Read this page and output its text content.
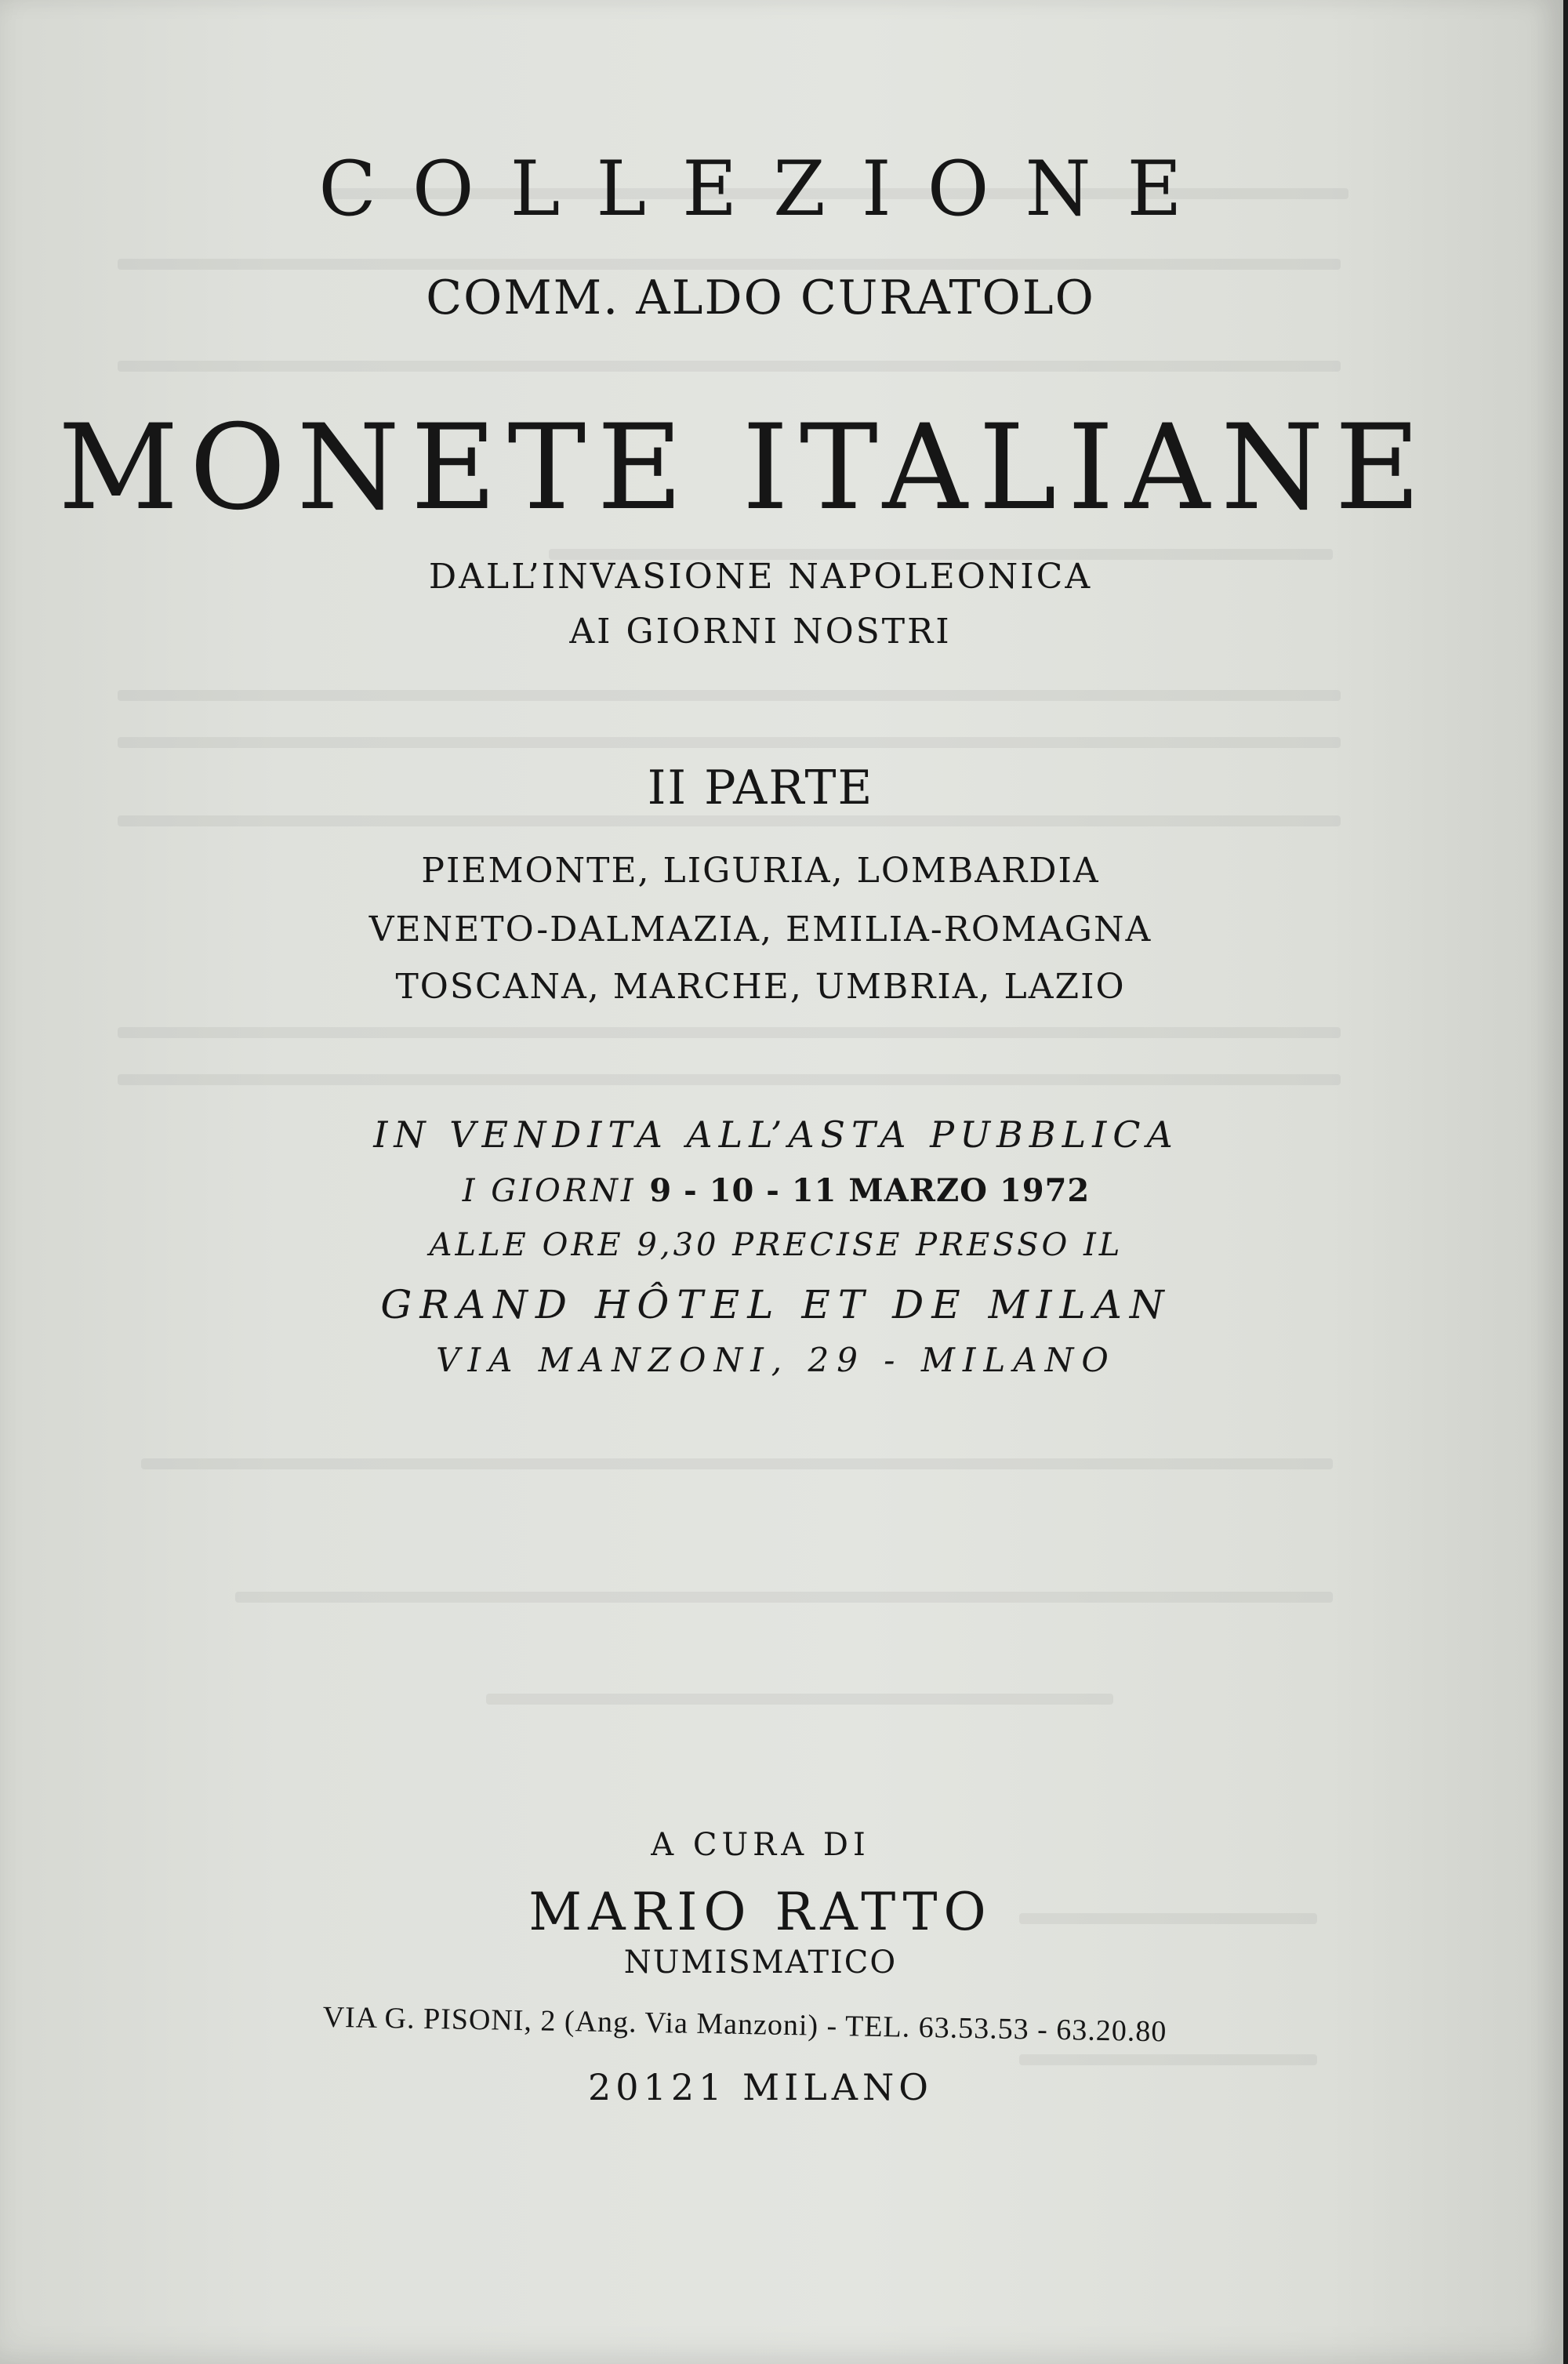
COLLEZIONE

COMM. ALDO CURATOLO

MONETE ITALIANE

DALL’INVASIONE NAPOLEONICA

AI GIORNI NOSTRI

II PARTE

PIEMONTE, LIGURIA, LOMBARDIA

VENETO-DALMAZIA, EMILIA-ROMAGNA

TOSCANA, MARCHE, UMBRIA, LAZIO

IN VENDITA ALL’ASTA PUBBLICA

I GIORNI 9 - 10 - 11 MARZO 1972

ALLE ORE 9,30 PRECISE PRESSO IL

GRAND HÔTEL ET DE MILAN

VIA MANZONI, 29 - MILANO

A CURA DI

MARIO RATTO

NUMISMATICO

VIA G. PISONI, 2 (Ang. Via Manzoni) - TEL. 63.53.53 - 63.20.80

20121 MILANO
